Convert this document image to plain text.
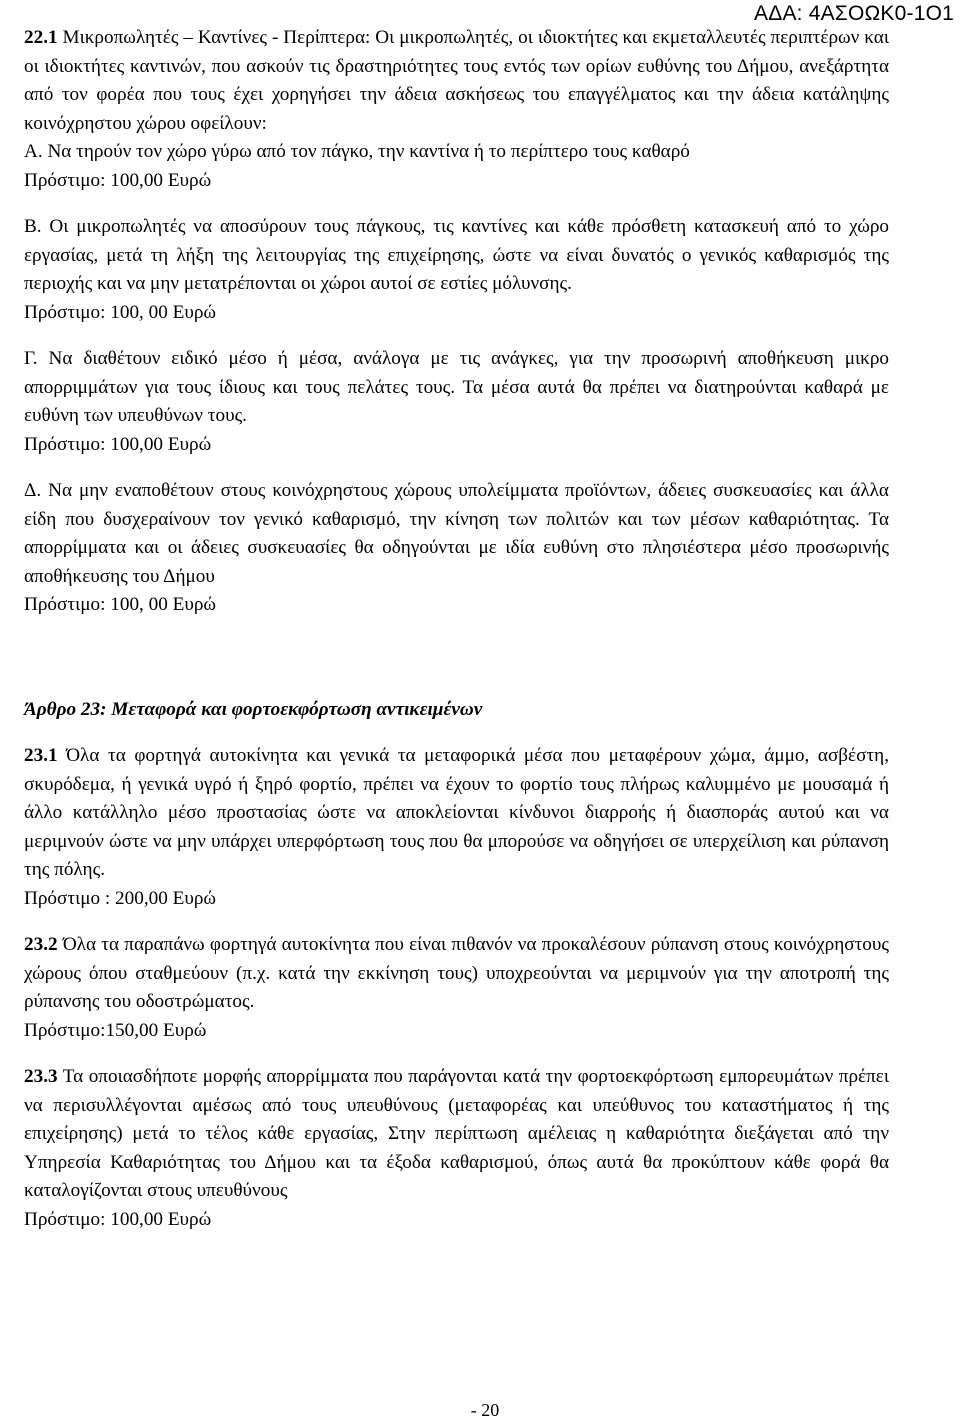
ΑΔΑ: 4ΑΣΟΩΚ0-1Ο1

22.1 Μικροπωλητές – Καντίνες - Περίπτερα: Οι μικροπωλητές, οι ιδιοκτήτες και εκμεταλλευτές περιπτέρων και οι ιδιοκτήτες καντινών, που ασκούν τις δραστηριότητες τους εντός των ορίων ευθύνης του Δήμου, ανεξάρτητα από τον φορέα που τους έχει χορηγήσει την άδεια ασκήσεως του επαγγέλματος και την άδεια κατάληψης κοινόχρηστου χώρου οφείλουν:

Α. Να τηρούν τον χώρο γύρω από τον πάγκο, την καντίνα ή το περίπτερο τους καθαρό

Πρόστιμο: 100,00 Ευρώ

Β. Οι μικροπωλητές να αποσύρουν τους πάγκους, τις καντίνες και κάθε πρόσθετη κατασκευή από το χώρο εργασίας, μετά τη λήξη της λειτουργίας της επιχείρησης, ώστε να είναι δυνατός ο γενικός καθαρισμός της περιοχής και να μην μετατρέπονται οι χώροι αυτοί σε εστίες μόλυνσης.

Πρόστιμο: 100, 00 Ευρώ

Γ. Να διαθέτουν ειδικό μέσο ή μέσα, ανάλογα με τις ανάγκες, για την προσωρινή αποθήκευση μικρο απορριμμάτων για τους ίδιους και τους πελάτες τους. Τα μέσα αυτά θα πρέπει να διατηρούνται καθαρά με ευθύνη των υπευθύνων τους.

Πρόστιμο: 100,00 Ευρώ

Δ. Να μην εναποθέτουν στους κοινόχρηστους χώρους υπολείμματα προϊόντων, άδειες συσκευασίες και άλλα είδη που δυσχεραίνουν τον γενικό καθαρισμό, την κίνηση των πολιτών και των μέσων καθαριότητας. Τα απορρίμματα και οι άδειες συσκευασίες θα οδηγούνται με ιδία ευθύνη στο πλησιέστερα μέσο προσωρινής αποθήκευσης του Δήμου

Πρόστιμο: 100, 00 Ευρώ

Άρθρο 23: Μεταφορά και φορτοεκφόρτωση αντικειμένων

23.1 Όλα τα φορτηγά αυτοκίνητα και γενικά τα μεταφορικά μέσα που μεταφέρουν χώμα, άμμο, ασβέστη, σκυρόδεμα, ή γενικά υγρό ή ξηρό φορτίο, πρέπει να έχουν το φορτίο τους πλήρως καλυμμένο με μουσαμά ή άλλο κατάλληλο μέσο προστασίας ώστε να αποκλείονται κίνδυνοι διαρροής ή διασποράς αυτού και να μεριμνούν ώστε να μην υπάρχει υπερφόρτωση τους που θα μπορούσε να οδηγήσει σε υπερχείλιση και ρύπανση της πόλης.

Πρόστιμο : 200,00 Ευρώ

23.2 Όλα τα παραπάνω φορτηγά αυτοκίνητα που είναι πιθανόν να προκαλέσουν ρύπανση στους κοινόχρηστους χώρους όπου σταθμεύουν (π.χ. κατά την εκκίνηση τους) υποχρεούνται να μεριμνούν για την αποτροπή της ρύπανσης του οδοστρώματος.

Πρόστιμο:150,00 Ευρώ

23.3 Τα οποιασδήποτε μορφής απορρίμματα που παράγονται κατά την φορτοεκφόρτωση εμπορευμάτων πρέπει να περισυλλέγονται αμέσως από τους υπευθύνους (μεταφορέας και υπεύθυνος του καταστήματος ή της επιχείρησης) μετά το τέλος κάθε εργασίας, Στην περίπτωση αμέλειας η καθαριότητα διεξάγεται από την Υπηρεσία Καθαριότητας του Δήμου και τα έξοδα καθαρισμού, όπως αυτά θα προκύπτουν κάθε φορά θα καταλογίζονται στους υπευθύνους

Πρόστιμο: 100,00 Ευρώ

- 20
